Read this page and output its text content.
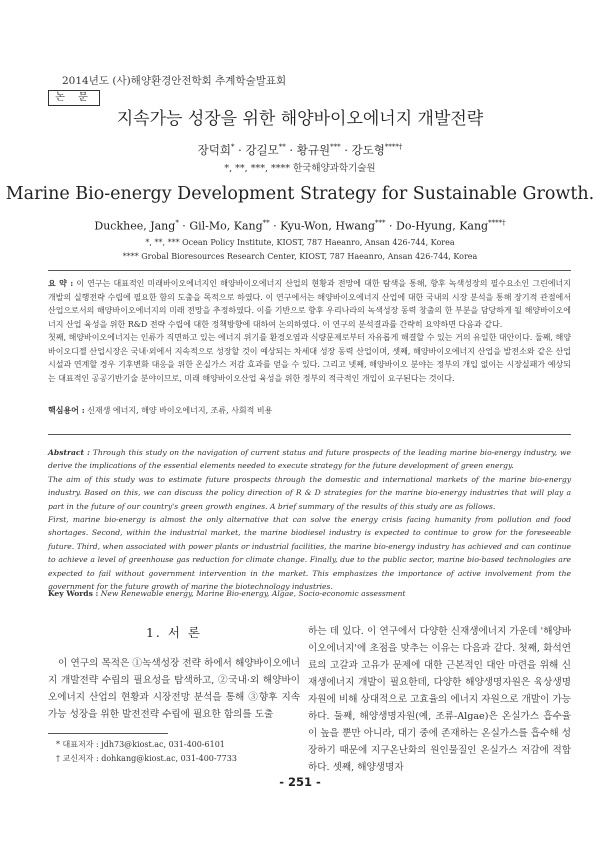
2014년도 (사)해양환경안전학회 추계학술발표회
논 문
지속가능 성장을 위한 해양바이오에너지 개발전략
장덕희* · 강길모** · 황규원*** · 강도형****†
*, **, ***, **** 한국해양과학기술원
Marine Bio-energy Development Strategy for Sustainable Growth.
Duckhee, Jang* · Gil-Mo, Kang** · Kyu-Won, Hwang*** · Do-Hyung, Kang****†
*, **, *** Ocean Policy Institute, KIOST, 787 Haeanro, Ansan 426-744, Korea
**** Grobal Bioresources Research Center, KIOST, 787 Haeanro, Ansan 426-744, Korea

요 약 : 이 연구는 대표적인 미래바이오에너지인 해양바이오에너지 산업의 현황과 전망에 대한 탐색을 통해, 향후 녹색성장의 필수요소인 그린에너지 개발의 실행전략 수립에 필요한 함의 도출을 목적으로 하였다. 이 연구에서는 해양바이오에너지 산업에 대한 국내의 시장 분석을 통해 장기적 관점에서 산업으로서의 해양바이오에너지의 미래 전망을 추정하였다. 이를 기반으로 향후 우리나라의 녹색성장 동력 창출의 한 부분을 담당하게 될 해양바이오에너지 산업 육성을 위한 R&D 전략 수립에 대한 정책방향에 대하여 논의하였다. 이 연구의 분석결과를 간략히 요약하면 다음과 같다.

첫째, 해양바이오에너지는 인류가 직면하고 있는 에너지 위기를 환경오염과 식량문제로부터 자유롭게 해결할 수 있는 거의 유일한 대안이다. 둘째, 해양바이오디젤 산업시장은 국내·외에서 지속적으로 성장할 것이 예상되는 차세대 성장 동력 산업이며, 셋째, 해양바이오에너지 산업을 발전소와 같은 산업시설과 연계할 경우 기후변화 대응을 위한 온실가스 저감 효과를 얻을 수 있다. 그리고 넷째, 해양바이오 분야는 정부의 개입 없이는 시장실패가 예상되는 대표적인 공공기반기술 분야이므로, 미래 해양바이오산업 육성을 위한 정부의 적극적인 개입이 요구된다는 것이다.

핵심용어 : 신재생 에너지, 해양 바이오에너지, 조류, 사회적 비용

Abstract : Through this study on the navigation of current status and future prospects of the leading marine bio-energy industry, we derive the implications of the essential elements needed to execute strategy for the future development of green energy.

The aim of this study was to estimate future prospects through the domestic and international markets of the marine bio-energy industry. Based on this, we can discuss the policy direction of R & D strategies for the marine bio-energy industries that will play a part in the future of our country's green growth engines. A brief summary of the results of this study are as follows.

First, marine bio-energy is almost the only alternative that can solve the energy crisis facing humanity from pollution and food shortages. Second, within the industrial market, the marine biodiesel industry is expected to continue to grow for the foreseeable future. Third, when associated with power plants or industrial facilities, the marine bio-energy industry has achieved and can continue to achieve a level of greenhouse gas reduction for climate change. Finally, due to the public sector, marine bio-based technologies are expected to fail without government intervention in the market. This emphasizes the importance of active involvement from the government for the future growth of marine the biotechnology industries.

Key Words : New Renewable energy, Marine Bio-energy, Algae, Socio-economic assessment
1. 서 론
이 연구의 목적은 ①녹색성장 전략 하에서 해양바이오에너지 개발전략 수립의 필요성을 탐색하고, ②국내·외 해양바이오에너지 산업의 현황과 시장전망 분석을 통해 ③향후 지속가능 성장을 위한 발전전략 수립에 필요한 함의를 도출
하는 데 있다. 이 연구에서 다양한 신재생에너지 가운데 '해양바이오에너지'에 초점을 맞추는 이유는 다음과 같다. 첫째, 화석연료의 고갈과 고유가 문제에 대한 근본적인 대안 마련을 위해 신재생에너지 개발이 필요한데, 다양한 해양생명자원은 육상생명자원에 비해 상대적으로 고효율의 에너지 자원으로 개발이 가능하다. 둘째, 해양생명자원(예, 조류-Algae)은 온실가스 흡수율이 높을 뿐만 아니라, 대기 중에 존재하는 온실가스를 흡수해 성장하기 때문에 지구온난화의 원인물질인 온실가스 저감에 적합하다. 셋째, 해양생명자
* 대표저자 : jdh73@kiost.ac, 031-400-6101
† 교신저자 : dohkang@kiost.ac, 031-400-7733
- 251 -
